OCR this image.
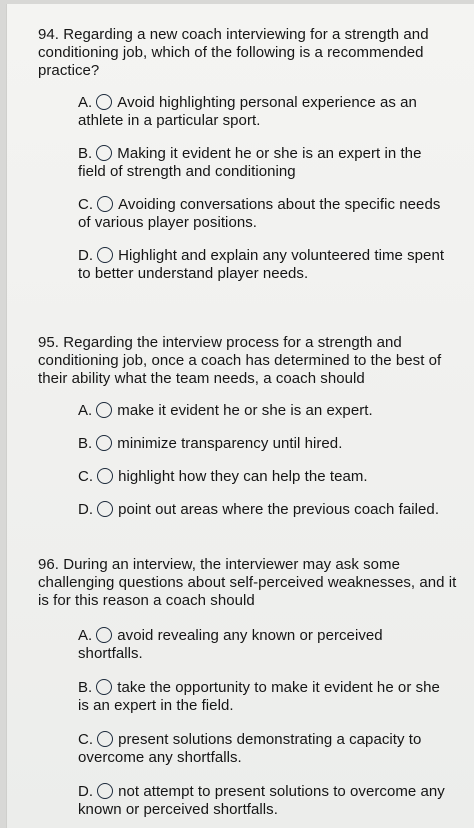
94. Regarding a new coach interviewing for a strength and conditioning job, which of the following is a recommended practice?

A. Avoid highlighting personal experience as an athlete in a particular sport.
B. Making it evident he or she is an expert in the field of strength and conditioning
C. Avoiding conversations about the specific needs of various player positions.
D. Highlight and explain any volunteered time spent to better understand player needs.

95. Regarding the interview process for a strength and conditioning job, once a coach has determined to the best of their ability what the team needs, a coach should

A. make it evident he or she is an expert.
B. minimize transparency until hired.
C. highlight how they can help the team.
D. point out areas where the previous coach failed.

96. During an interview, the interviewer may ask some challenging questions about self-perceived weaknesses, and it is for this reason a coach should

A. avoid revealing any known or perceived shortfalls.
B. take the opportunity to make it evident he or she is an expert in the field.
C. present solutions demonstrating a capacity to overcome any shortfalls.
D. not attempt to present solutions to overcome any known or perceived shortfalls.
